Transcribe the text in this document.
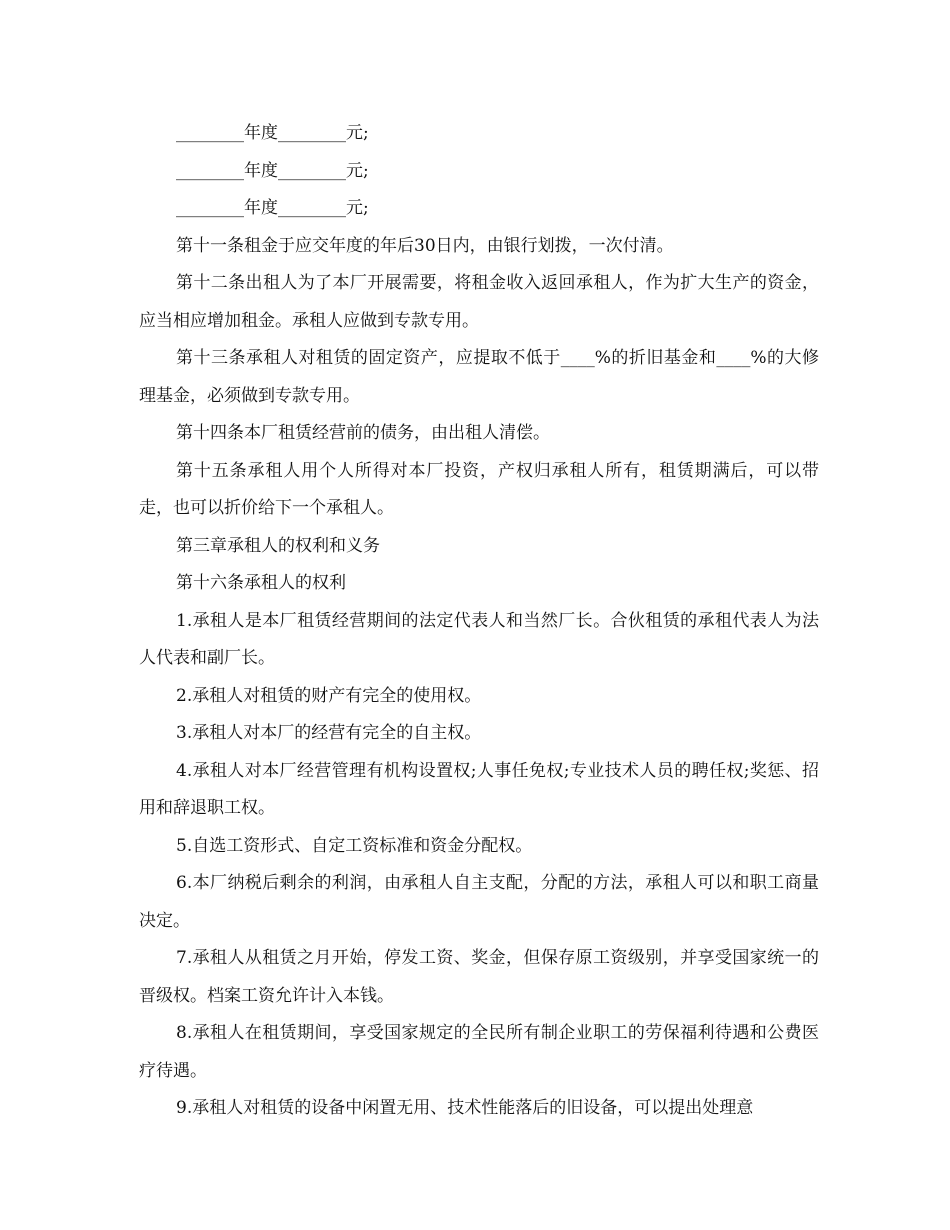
________年度________元;

________年度________元;

________年度________元;

第十一条租金于应交年度的年后30日内，由银行划拨，一次付清。

第十二条出租人为了本厂开展需要，将租金收入返回承租人，作为扩大生产的资金，应当相应增加租金。承租人应做到专款专用。

第十三条承租人对租赁的固定资产，应提取不低于____%的折旧基金和____%的大修理基金，必须做到专款专用。

第十四条本厂租赁经营前的债务，由出租人清偿。

第十五条承租人用个人所得对本厂投资，产权归承租人所有，租赁期满后，可以带走，也可以折价给下一个承租人。

第三章承租人的权利和义务

第十六条承租人的权利

1.承租人是本厂租赁经营期间的法定代表人和当然厂长。合伙租赁的承租代表人为法人代表和副厂长。

2.承租人对租赁的财产有完全的使用权。

3.承租人对本厂的经营有完全的自主权。

4.承租人对本厂经营管理有机构设置权;人事任免权;专业技术人员的聘任权;奖惩、招用和辞退职工权。

5.自选工资形式、自定工资标准和资金分配权。

6.本厂纳税后剩余的利润，由承租人自主支配，分配的方法，承租人可以和职工商量决定。

7.承租人从租赁之月开始，停发工资、奖金，但保存原工资级别，并享受国家统一的晋级权。档案工资允许计入本钱。

8.承租人在租赁期间，享受国家规定的全民所有制企业职工的劳保福利待遇和公费医疗待遇。

9.承租人对租赁的设备中闲置无用、技术性能落后的旧设备，可以提出处理意
